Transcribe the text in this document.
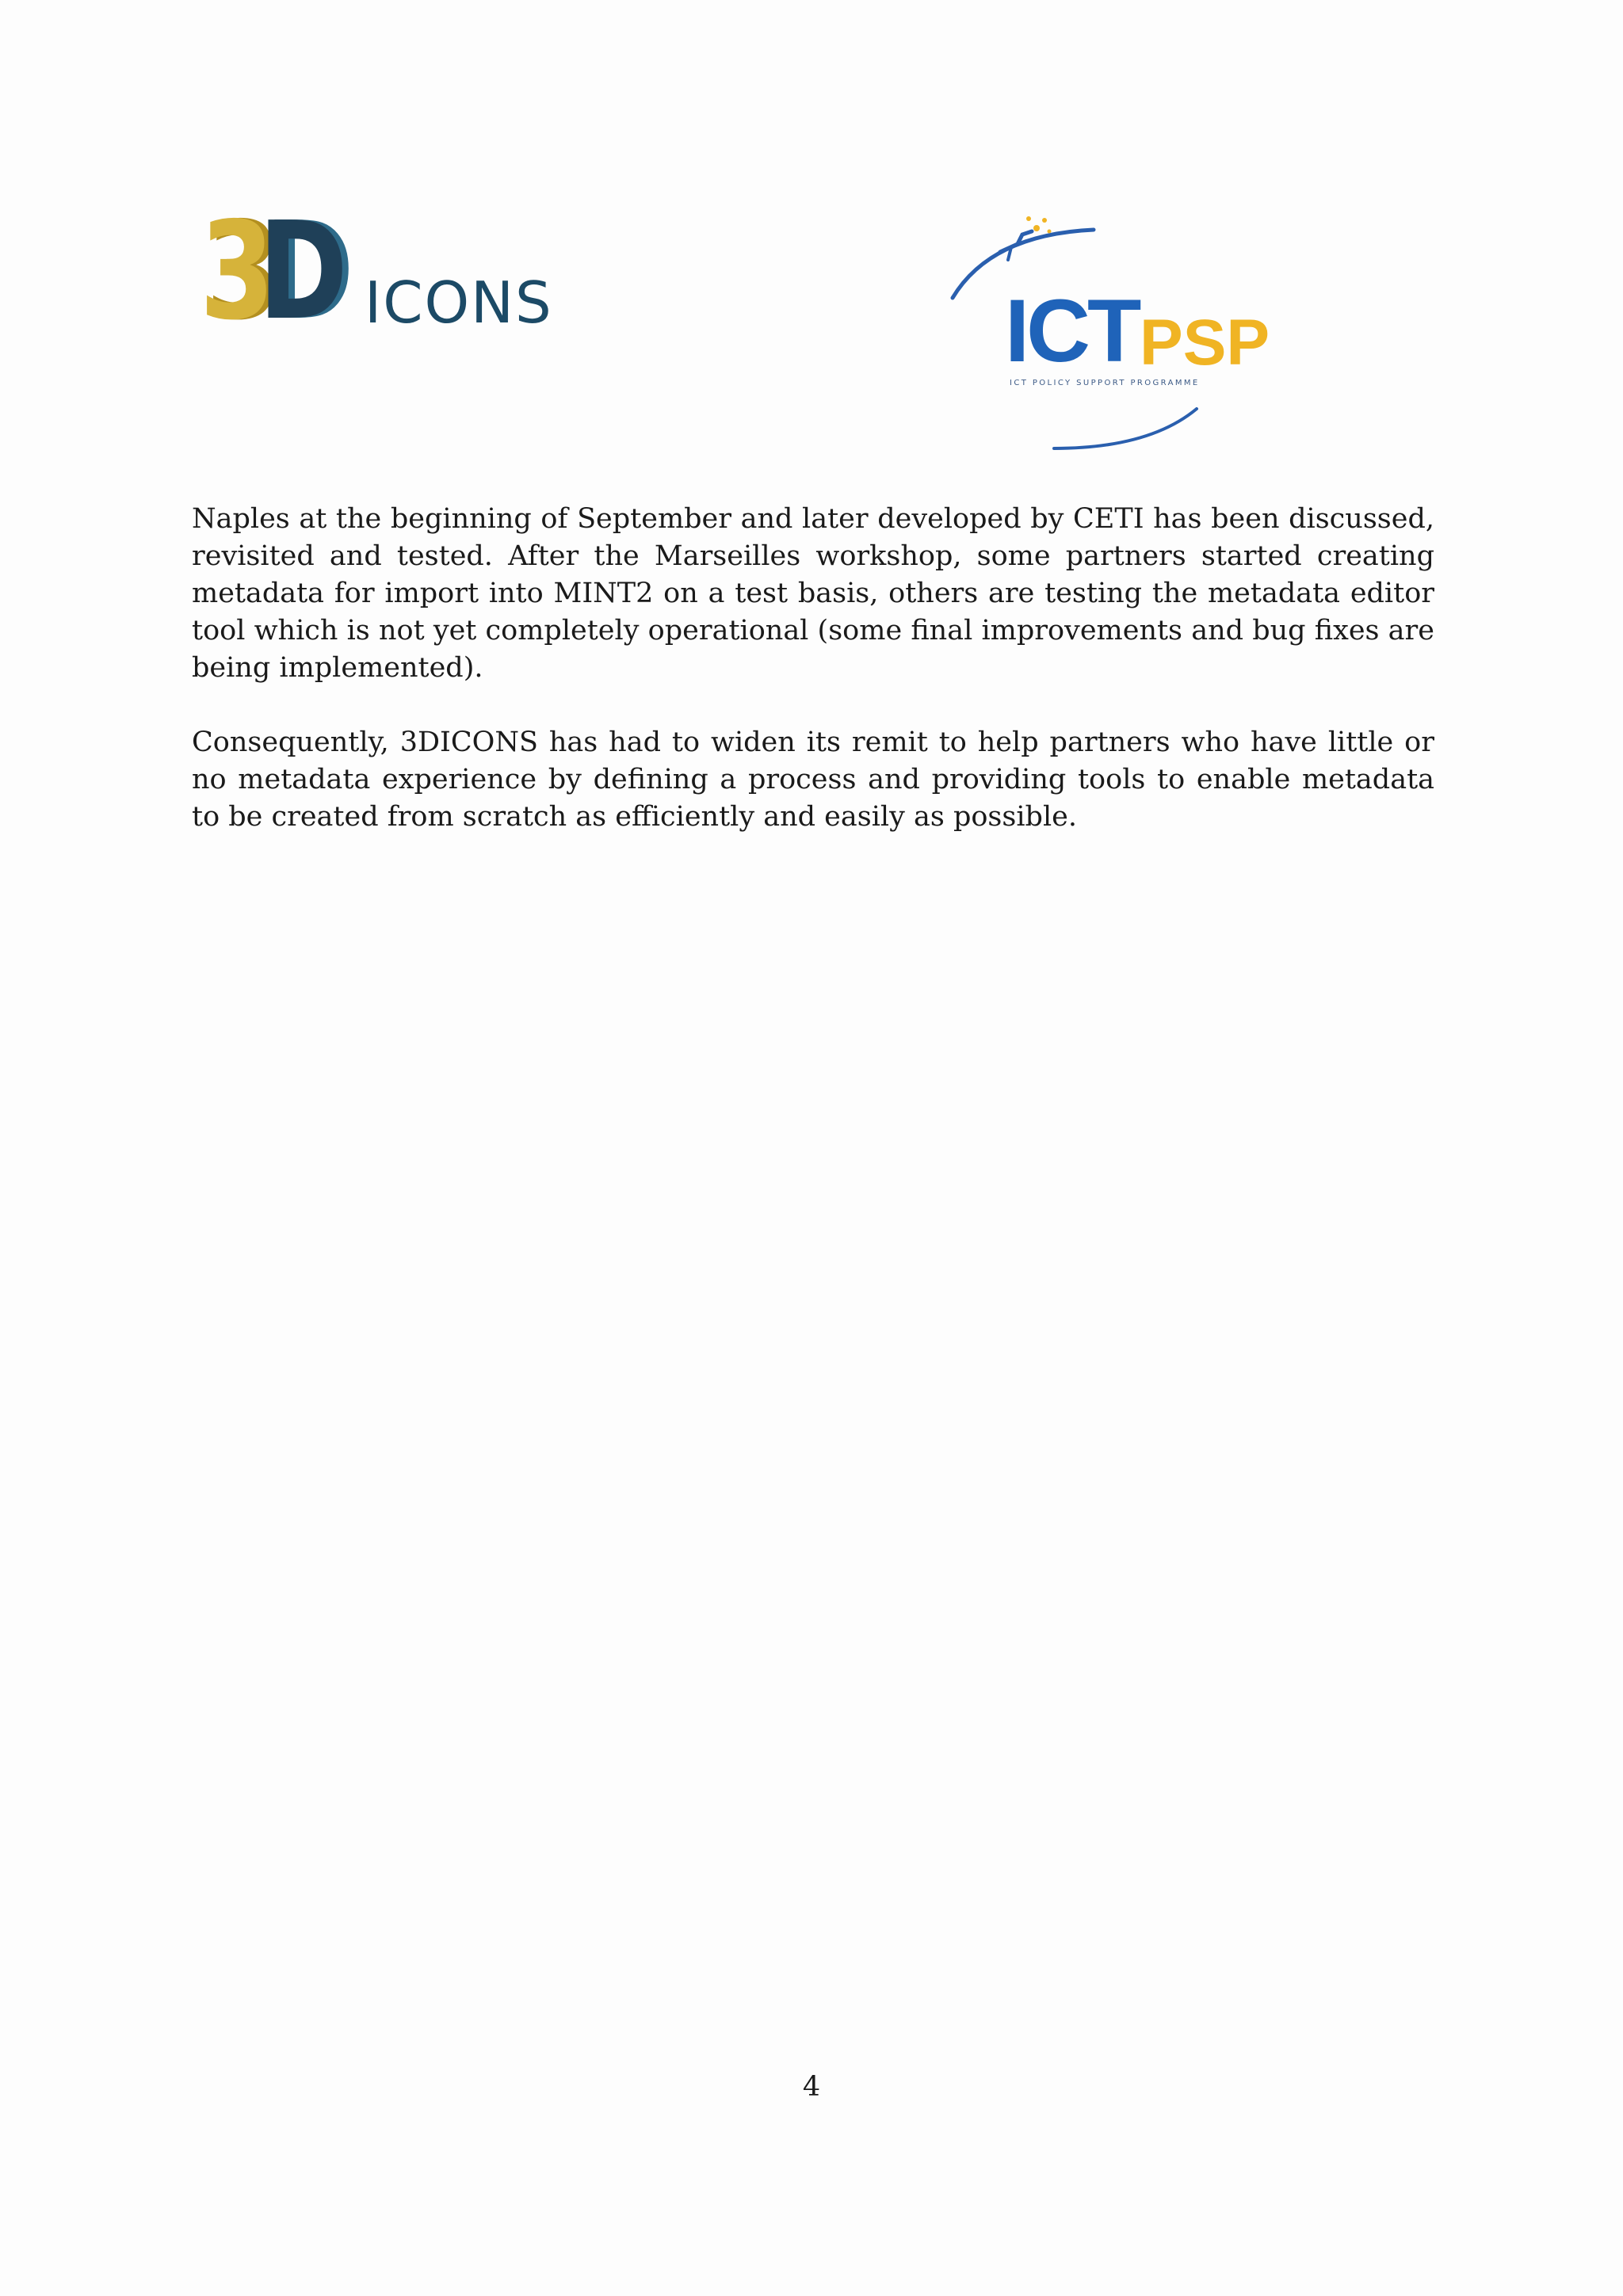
3
D ICONS	ICT PSP
ICT POLICY SUPPORT PROGRAMME

Naples at the beginning of September and later developed by CETI has been discussed, revisited and tested. After the Marseilles workshop, some partners started creating metadata for import into MINT2 on a test basis, others are testing the metadata editor tool which is not yet completely operational (some final improvements and bug fixes are being implemented).

Consequently, 3DICONS has had to widen its remit to help partners who have little or no metadata experience by defining a process and providing tools to enable metadata to be created from scratch as efficiently and easily as possible.

4
